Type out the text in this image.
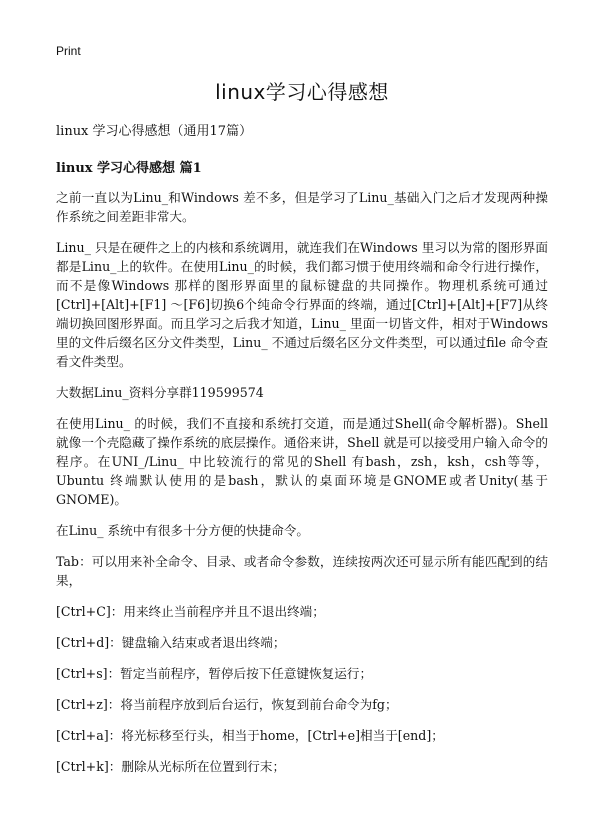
Print
linux学习心得感想
linux 学习心得感想（通用17篇）
linux 学习心得感想 篇1

之前一直以为Linu_和Windows 差不多，但是学习了Linu_基础入门之后才发现两种操作系统之间差距非常大。

Linu_ 只是在硬件之上的内核和系统调用，就连我们在Windows 里习以为常的图形界面都是Linu_上的软件。在使用Linu_的时候，我们都习惯于使用终端和命令行进行操作，而不是像Windows 那样的图形界面里的鼠标键盘的共同操作。物理机系统可通过[Ctrl]+[Alt]+[F1] ～[F6]切换6个纯命令行界面的终端，通过[Ctrl]+[Alt]+[F7]从终端切换回图形界面。而且学习之后我才知道，Linu_ 里面一切皆文件，相对于Windows 里的文件后缀名区分文件类型，Linu_ 不通过后缀名区分文件类型，可以通过file 命令查看文件类型。

大数据Linu_资料分享群119599574

在使用Linu_ 的时候，我们不直接和系统打交道，而是通过Shell(命令解析器)。Shell 就像一个壳隐藏了操作系统的底层操作。通俗来讲，Shell 就是可以接受用户输入命令的程序。在UNI_/Linu_ 中比较流行的常见的Shell 有bash，zsh，ksh，csh等等，Ubuntu 终端默认使用的是bash，默认的桌面环境是GNOME或者Unity(基于GNOME)。

在Linu_ 系统中有很多十分方便的快捷命令。

Tab：可以用来补全命令、目录、或者命令参数，连续按两次还可显示所有能匹配到的结果，

[Ctrl+C]：用来终止当前程序并且不退出终端；

[Ctrl+d]：键盘输入结束或者退出终端；

[Ctrl+s]：暂定当前程序，暂停后按下任意键恢复运行；

[Ctrl+z]：将当前程序放到后台运行，恢复到前台命令为fg；

[Ctrl+a]：将光标移至行头，相当于home，[Ctrl+e]相当于[end]；

[Ctrl+k]：删除从光标所在位置到行末；
